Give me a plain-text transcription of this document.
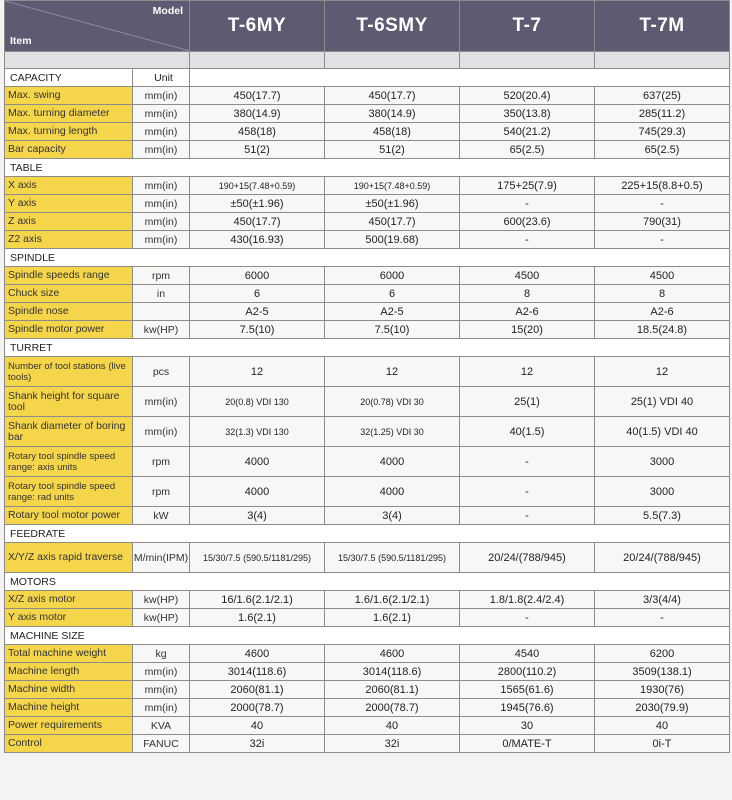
Model
Item		T-6MY	T-6SMY	T-7	T-7M

CAPACITY	Unit				
Max. swing	mm(in)	450(17.7)	450(17.7)	520(20.4)	637(25)
Max. turning diameter	mm(in)	380(14.9)	380(14.9)	350(13.8)	285(11.2)
Max. turning length	mm(in)	458(18)	458(18)	540(21.2)	745(29.3)
Bar capacity	mm(in)	51(2)	51(2)	65(2.5)	65(2.5)
TABLE					
X axis	mm(in)	190+15(7.48+0.59)	190+15(7.48+0.59)	175+25(7.9)	225+15(8.8+0.5)
Y axis	mm(in)	±50(±1.96)	±50(±1.96)	-	-
Z axis	mm(in)	450(17.7)	450(17.7)	600(23.6)	790(31)
Z2 axis	mm(in)	430(16.93)	500(19.68)	-	-
SPINDLE					
Spindle speeds range	rpm	6000	6000	4500	4500
Chuck size	in	6	6	8	8
Spindle nose		A2-5	A2-5	A2-6	A2-6
Spindle motor power	kw(HP)	7.5(10)	7.5(10)	15(20)	18.5(24.8)
TURRET					
Number of tool stations (live tools)	pcs	12	12	12	12
Shank height for square tool	mm(in)	20(0.8) VDI 130	20(0.78) VDI 30	25(1)	25(1) VDI 40
Shank diameter of boring bar	mm(in)	32(1.3) VDI 130	32(1.25) VDI 30	40(1.5)	40(1.5) VDI 40
Rotary tool spindle speed range: axis units	rpm	4000	4000	-	3000
Rotary tool spindle speed range: rad units	rpm	4000	4000	-	3000
Rotary tool motor power	kW	3(4)	3(4)	-	5.5(7.3)
FEEDRATE					
X/Y/Z axis rapid traverse	M/min(IPM)	15/30/7.5 (590.5/1181/295)	15/30/7.5 (590.5/1181/295)	20/24/(788/945)	20/24/(788/945)
MOTORS					
X/Z axis motor	kw(HP)	16/1.6(2.1/2.1)	1.6/1.6(2.1/2.1)	1.8/1.8(2.4/2.4)	3/3(4/4)
Y axis motor	kw(HP)	1.6(2.1)	1.6(2.1)	-	-
MACHINE SIZE					
Total machine weight	kg	4600	4600	4540	6200
Machine length	mm(in)	3014(118.6)	3014(118.6)	2800(110.2)	3509(138.1)
Machine width	mm(in)	2060(81.1)	2060(81.1)	1565(61.6)	1930(76)
Machine height	mm(in)	2000(78.7)	2000(78.7)	1945(76.6)	2030(79.9)
Power requirements	KVA	40	40	30	40
Control	FANUC	32i	32i	0/MATE-T	0i-T
